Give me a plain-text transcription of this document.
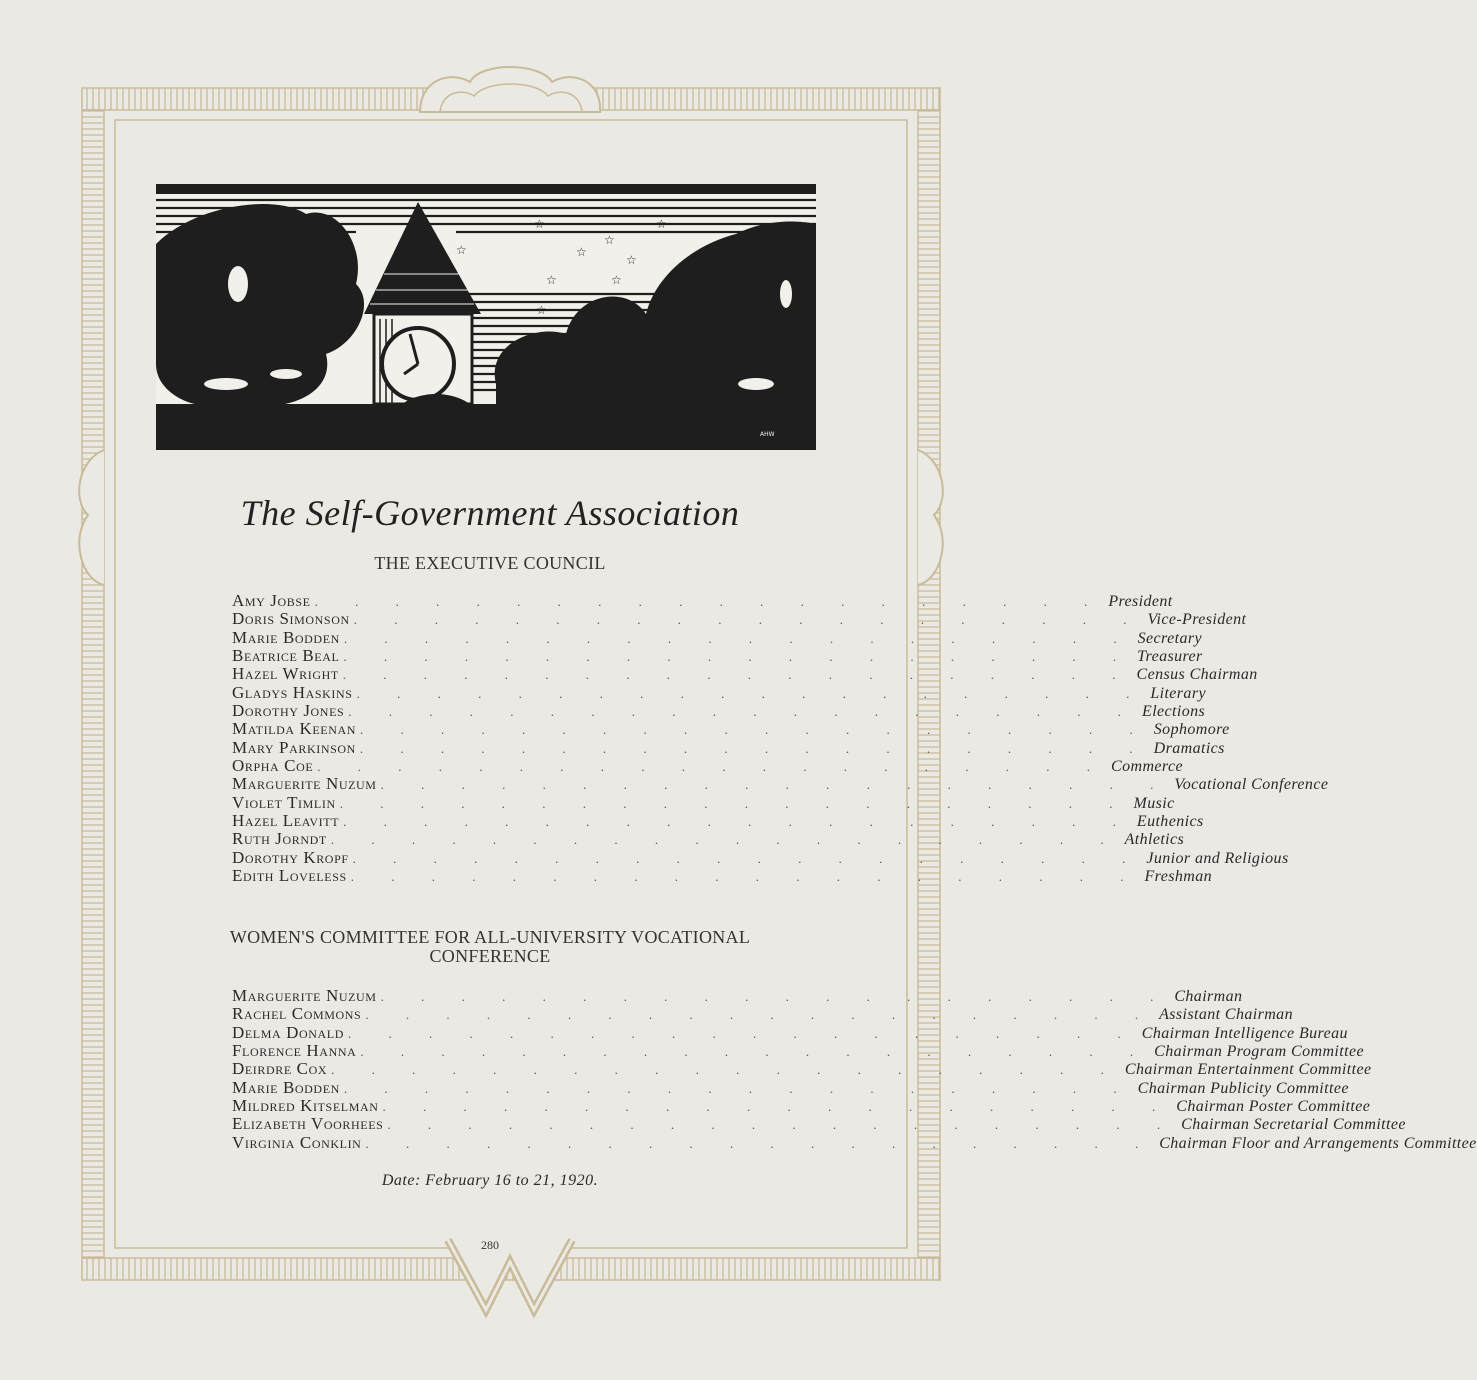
☆
☆
☆
☆
☆
☆
☆
☆
☆
AHW
The Self-Government Association
THE EXECUTIVE COUNCIL
Amy Jobse . . . . . . . . . . . . . . . . . . . . President
Doris Simonson . . . . . . . . . . . . . . . . . . . . Vice-President
Marie Bodden . . . . . . . . . . . . . . . . . . . . Secretary
Beatrice Beal . . . . . . . . . . . . . . . . . . . . Treasurer
Hazel Wright . . . . . . . . . . . . . . . . . . . . Census Chairman
Gladys Haskins . . . . . . . . . . . . . . . . . . . . Literary
Dorothy Jones . . . . . . . . . . . . . . . . . . . . Elections
Matilda Keenan . . . . . . . . . . . . . . . . . . . . Sophomore
Mary Parkinson . . . . . . . . . . . . . . . . . . . . Dramatics
Orpha Coe . . . . . . . . . . . . . . . . . . . . Commerce
Marguerite Nuzum . . . . . . . . . . . . . . . . . . . . Vocational Conference
Violet Timlin . . . . . . . . . . . . . . . . . . . . Music
Hazel Leavitt . . . . . . . . . . . . . . . . . . . . Euthenics
Ruth Jorndt . . . . . . . . . . . . . . . . . . . . Athletics
Dorothy Kropf . . . . . . . . . . . . . . . . . . . . Junior and Religious
Edith Loveless . . . . . . . . . . . . . . . . . . . . Freshman
WOMEN'S COMMITTEE FOR ALL-UNIVERSITY VOCATIONAL
CONFERENCE
Marguerite Nuzum . . . . . . . . . . . . . . . . . . . . Chairman
Rachel Commons . . . . . . . . . . . . . . . . . . . . Assistant Chairman
Delma Donald . . . . . . . . . . . . . . . . . . . . Chairman Intelligence Bureau
Florence Hanna . . . . . . . . . . . . . . . . . . . . Chairman Program Committee
Deirdre Cox . . . . . . . . . . . . . . . . . . . . Chairman Entertainment Committee
Marie Bodden . . . . . . . . . . . . . . . . . . . . Chairman Publicity Committee
Mildred Kitselman . . . . . . . . . . . . . . . . . . . . Chairman Poster Committee
Elizabeth Voorhees . . . . . . . . . . . . . . . . . . . . Chairman Secretarial Committee
Virginia Conklin . . . . . . . . . . . . . . . . . . . . Chairman Floor and Arrangements Committee
Date: February 16 to 21, 1920.
280
